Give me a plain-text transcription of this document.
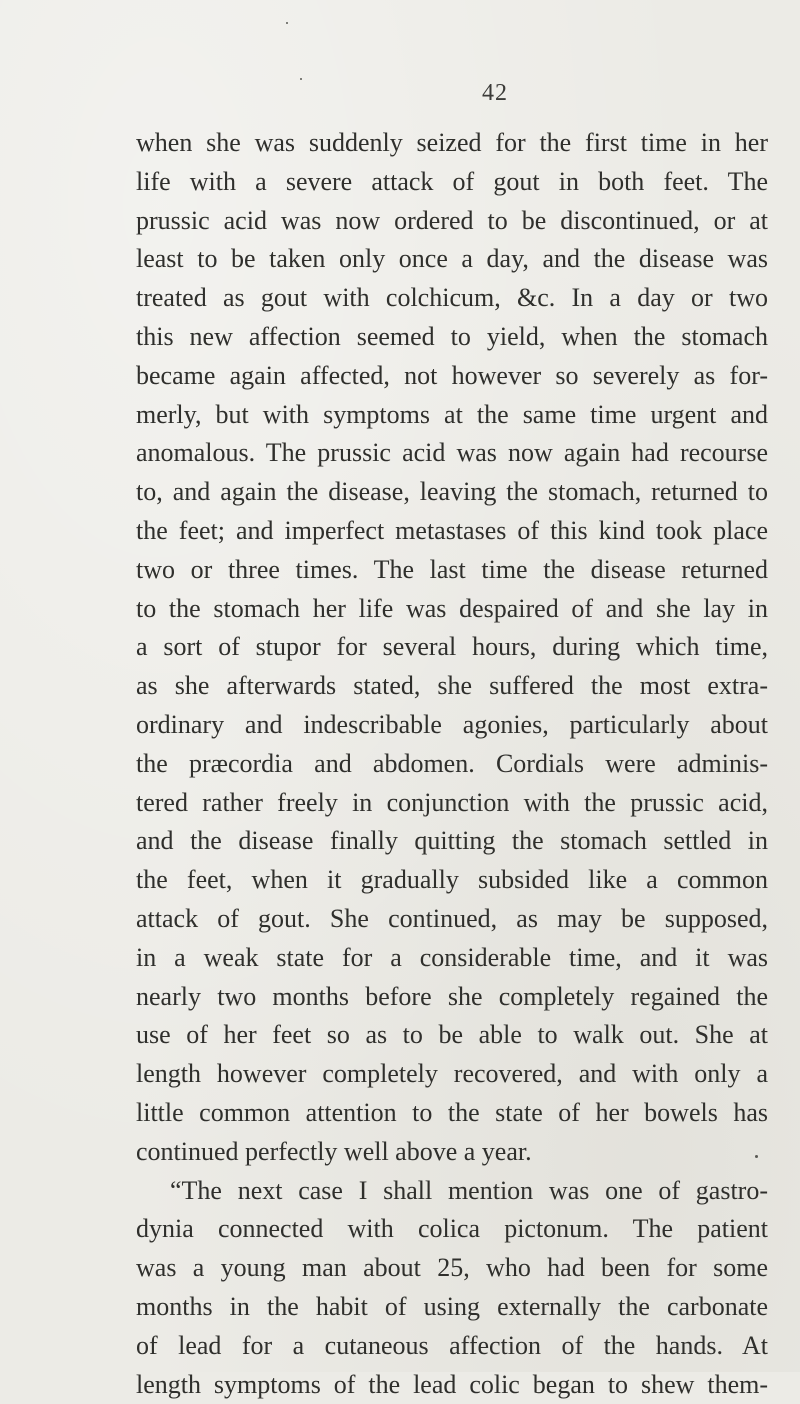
42
when she was suddenly seized for the first time in her
life with a severe attack of gout in both feet. The
prussic acid was now ordered to be discontinued, or at
least to be taken only once a day, and the disease was
treated as gout with colchicum, &c. In a day or two
this new affection seemed to yield, when the stomach
became again affected, not however so severely as for-
merly, but with symptoms at the same time urgent and
anomalous. The prussic acid was now again had recourse
to, and again the disease, leaving the stomach, returned to
the feet; and imperfect metastases of this kind took place
two or three times. The last time the disease returned
to the stomach her life was despaired of and she lay in
a sort of stupor for several hours, during which time,
as she afterwards stated, she suffered the most extra-
ordinary and indescribable agonies, particularly about
the præcordia and abdomen. Cordials were adminis-
tered rather freely in conjunction with the prussic acid,
and the disease finally quitting the stomach settled in
the feet, when it gradually subsided like a common
attack of gout. She continued, as may be supposed,
in a weak state for a considerable time, and it was
nearly two months before she completely regained the
use of her feet so as to be able to walk out. She at
length however completely recovered, and with only a
little common attention to the state of her bowels has
continued perfectly well above a year.
“The next case I shall mention was one of gastro-
dynia connected with colica pictonum. The patient
was a young man about 25, who had been for some
months in the habit of using externally the carbonate
of lead for a cutaneous affection of the hands. At
length symptoms of the lead colic began to shew them-
